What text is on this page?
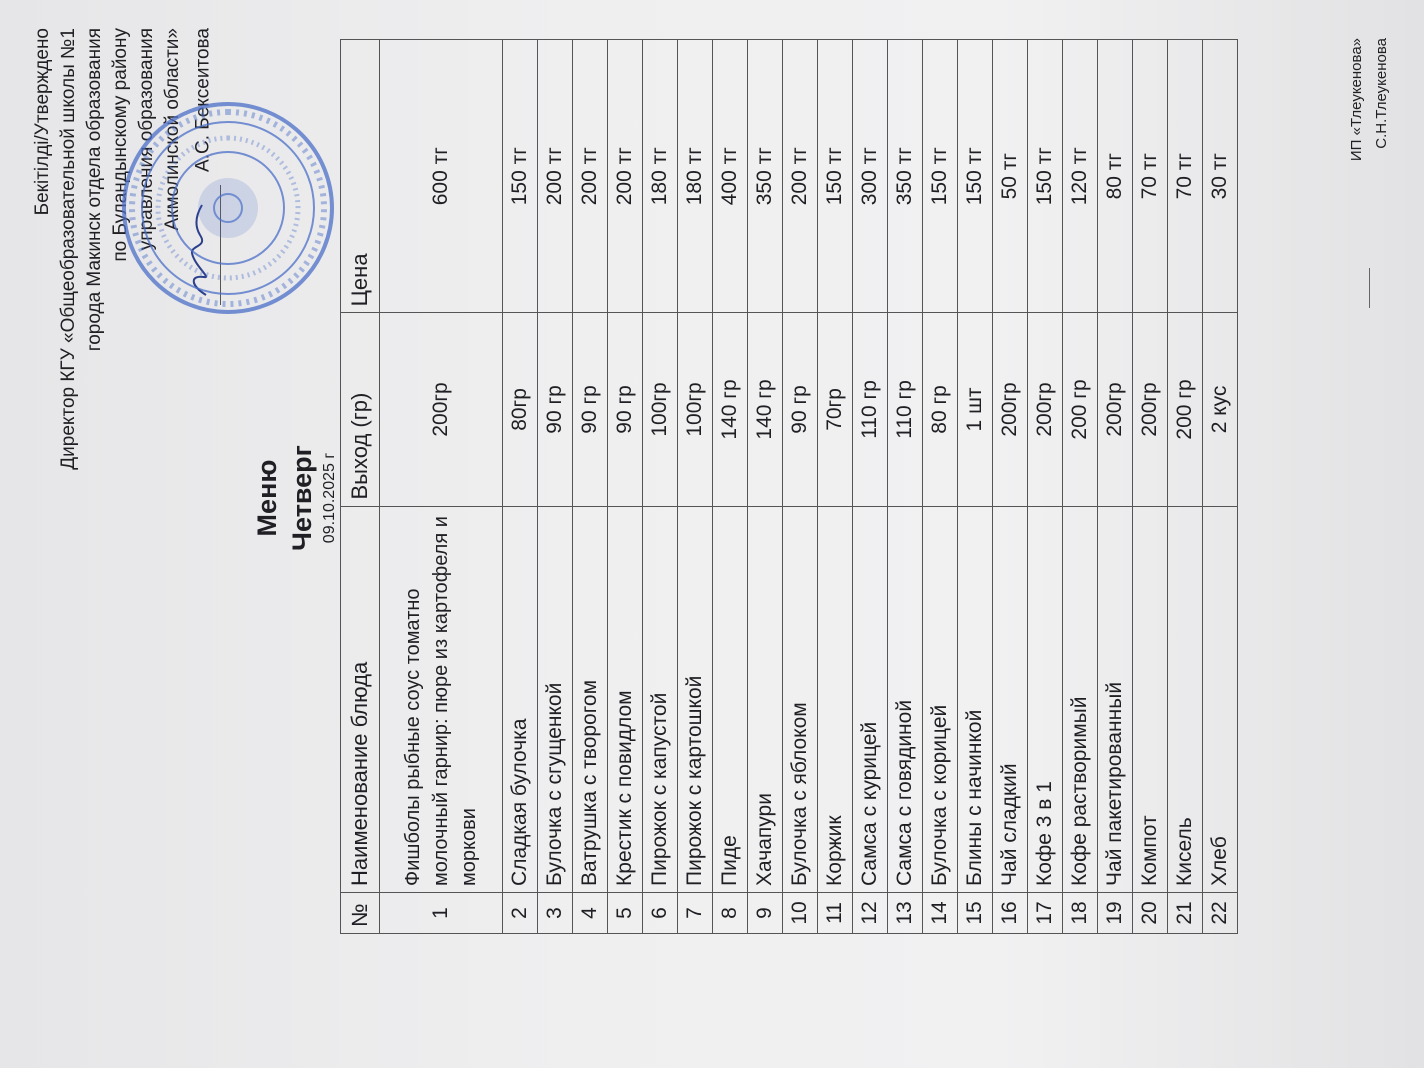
Бекітілді/Утверждено Директор КГУ «Общеобразовательной школы №1 города Макинск отдела образования по Буландынскому району управления образования Акмолинской области» А.С. Бексеитова
Меню Четверг 09.10.2025 г
№	Наименование блюда	Выход (гр)	Цена
1	Фишболы рыбные соус томатно молочный гарнир: пюре из картофеля и моркови	200гр	600 тг
2	Сладкая булочка	80гр	150 тг
3	Булочка с сгущенкой	90 гр	200 тг
4	Ватрушка с творогом	90 гр	200 тг
5	Крестик с повидлом	90 гр	200 тг
6	Пирожок с капустой	100гр	180 тг
7	Пирожок с картошкой	100гр	180 тг
8	Пиде	140 гр	400 тг
9	Хачапури	140 гр	350 тг
10	Булочка с яблоком	90 гр	200 тг
11	Коржик	70гр	150 тг
12	Самса с курицей	110 гр	300 тг
13	Самса с говядиной	110 гр	350 тг
14	Булочка с корицей	80 гр	150 тг
15	Блины с начинкой	1 шт	150 тг
16	Чай сладкий	200гр	50 тг
17	Кофе 3 в 1	200гр	150 тг
18	Кофе растворимый	200 гр	120 тг
19	Чай пакетированный	200гр	80 тг
20	Компот	200гр	70 тг
21	Кисель	200 гр	70 тг
22	Хлеб	2 кус	30 тг
ИП «Тлеукенова» С.Н.Тлеукенова
